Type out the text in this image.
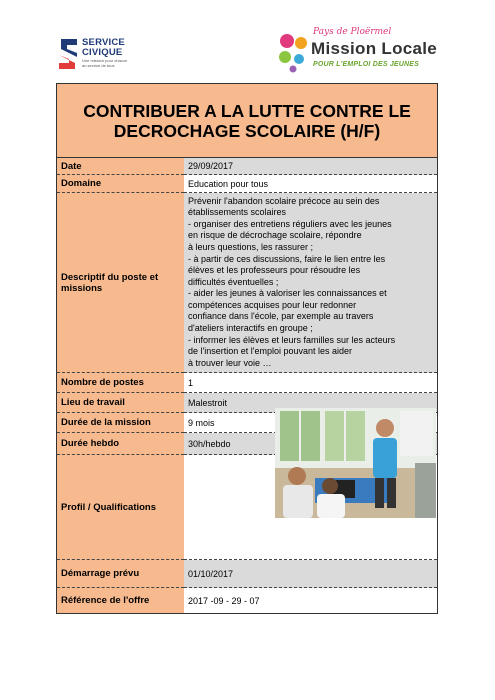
SERVICE
CIVIQUE
Une mission pour chacun au service de tous
Pays de Ploërmel
Mission Locale
POUR L'EMPLOI DES JEUNES
CONTRIBUER A LA LUTTE CONTRE LE DECROCHAGE SCOLAIRE (H/F)
Date	29/09/2017
Domaine	Education pour tous
Descriptif du poste et missions
Prévenir l'abandon scolaire précoce au sein des
établissements scolaires
- organiser des entretiens réguliers avec les jeunes
en risque de décrochage scolaire, répondre
à leurs questions, les rassurer ;
- à partir de ces discussions, faire le lien entre les
élèves et les professeurs pour résoudre les
difficultés éventuelles ;
- aider les jeunes à valoriser les connaissances et
compétences acquises pour leur redonner
confiance dans l'école, par exemple au travers
d'ateliers interactifs en groupe ;
- informer les élèves et leurs familles sur les acteurs
de l'insertion et l'emploi pouvant les aider
à trouver leur voie …
Nombre de postes	1
Lieu de travail	Malestroit
Durée de la mission	9 mois
Durée hebdo	30h/hebdo
Profil / Qualifications
Démarrage prévu	01/10/2017
Référence de l'offre	2017 -09 - 29 - 07
